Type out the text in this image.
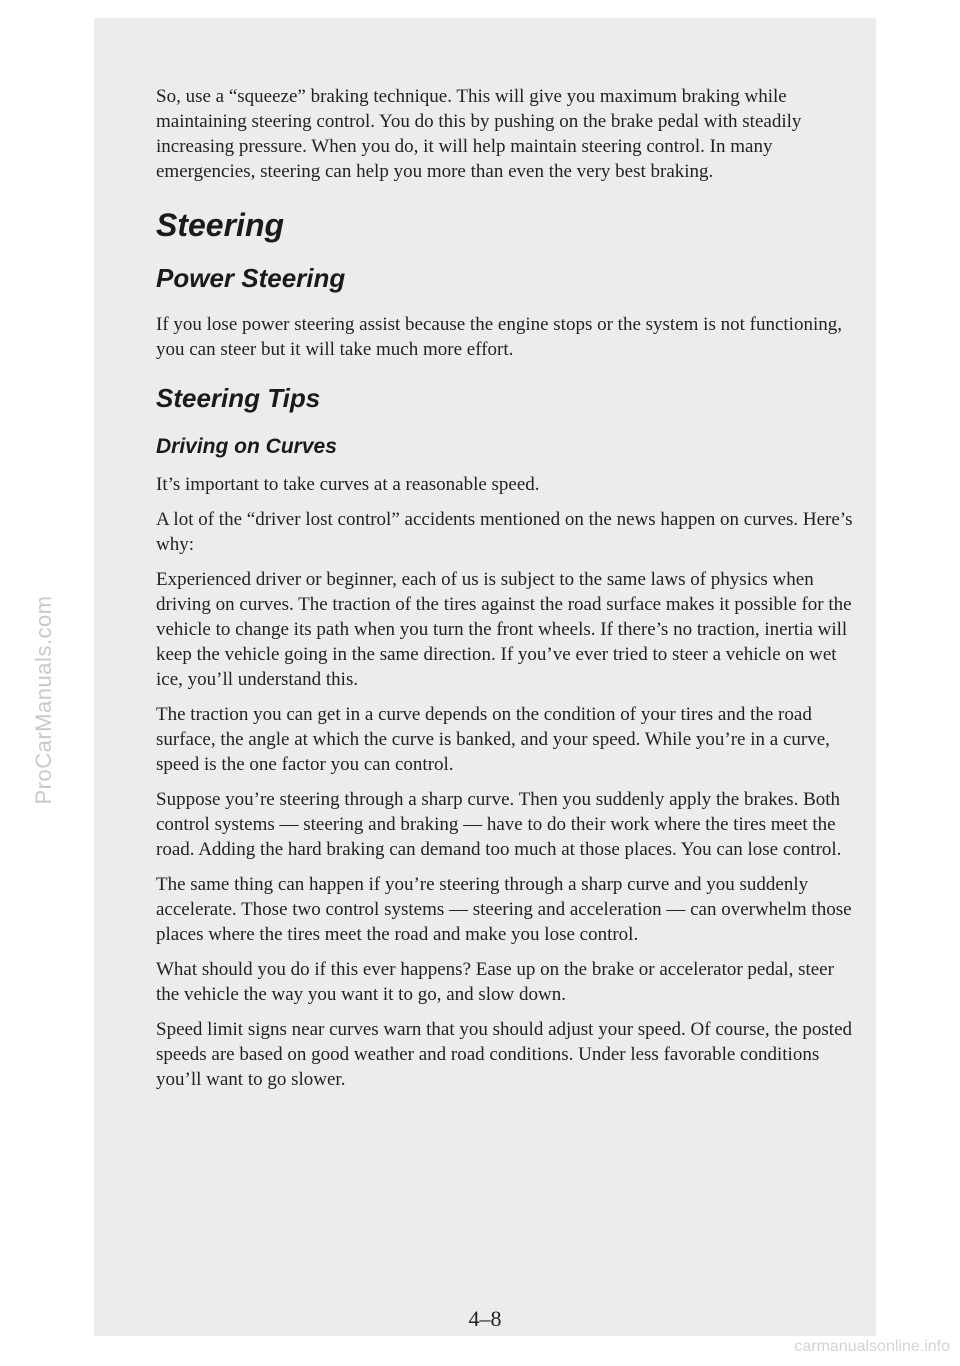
So, use a “squeeze” braking technique. This will give you maximum braking while maintaining steering control. You do this by pushing on the brake pedal with steadily increasing pressure. When you do, it will help maintain steering control. In many emergencies, steering can help you more than even the very best braking.

Steering
Power Steering

If you lose power steering assist because the engine stops or the system is not functioning, you can steer but it will take much more effort.

Steering Tips
Driving on Curves

It’s important to take curves at a reasonable speed.

A lot of the “driver lost control” accidents mentioned on the news happen on curves. Here’s why:

Experienced driver or beginner, each of us is subject to the same laws of physics when driving on curves. The traction of the tires against the road surface makes it possible for the vehicle to change its path when you turn the front wheels. If there’s no traction, inertia will keep the vehicle going in the same direction. If you’ve ever tried to steer a vehicle on wet ice, you’ll understand this.

The traction you can get in a curve depends on the condition of your tires and the road surface, the angle at which the curve is banked, and your speed. While you’re in a curve, speed is the one factor you can control.

Suppose you’re steering through a sharp curve. Then you suddenly apply the brakes. Both control systems — steering and braking — have to do their work where the tires meet the road. Adding the hard braking can demand too much at those places. You can lose control.

The same thing can happen if you’re steering through a sharp curve and you suddenly accelerate. Those two control systems — steering and acceleration — can overwhelm those places where the tires meet the road and make you lose control.

What should you do if this ever happens? Ease up on the brake or accelerator pedal, steer the vehicle the way you want it to go, and slow down.

Speed limit signs near curves warn that you should adjust your speed. Of course, the posted speeds are based on good weather and road conditions. Under less favorable conditions you’ll want to go slower.

4–8
ProCarManuals.com
carmanualsonline.info
